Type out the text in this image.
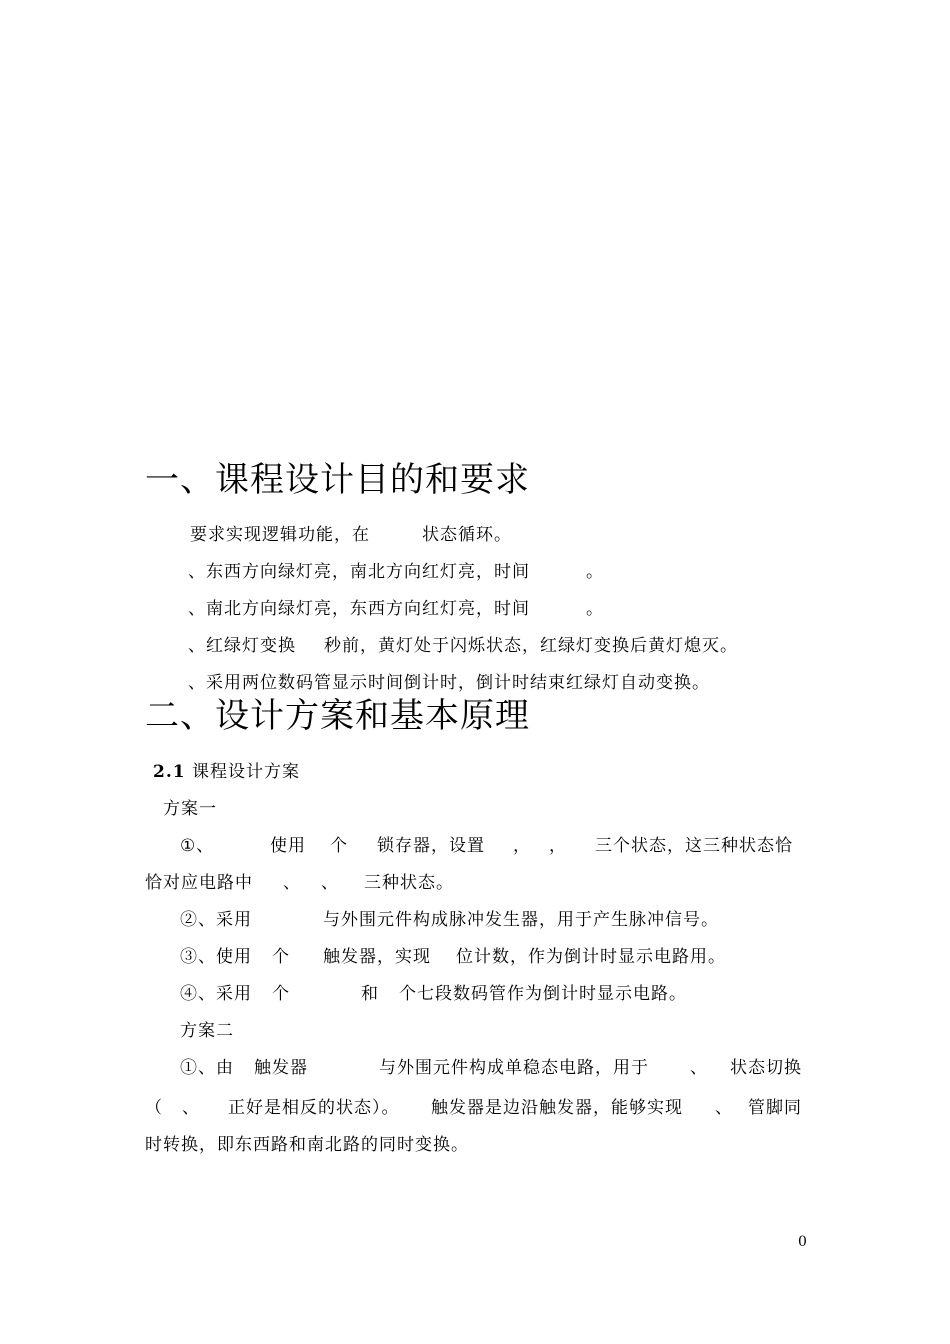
一、课程设计目的和要求
要求实现逻辑功能，在	状态循环。
、东西方向绿灯亮，南北方向红灯亮，时间	。
、南北方向绿灯亮，东西方向红灯亮，时间	。
、红绿灯变换 秒前，黄灯处于闪烁状态，红绿灯变换后黄灯熄灭。
、采用两位数码管显示时间倒计时，倒计时结束红绿灯自动变换。
二、设计方案和基本原理
2.1 课程设计方案
方案一
①、	使用 个 锁存器，设置 ， ， 三个状态，这三种状态恰
恰对应电路中 、 、 三种状态。
②、采用	与外围元件构成脉冲发生器，用于产生脉冲信号。
③、使用 个 触发器，实现 位计数，作为倒计时显示电路用。
④、采用 个	和 个七段数码管作为倒计时显示电路。
方案二
①、由 触发器	与外围元件构成单稳态电路，用于 、 状态切换
（ 、 正好是相反的状态）。 触发器是边沿触发器，能够实现 、 管脚同
时转换，即东西路和南北路的同时变换。
0
